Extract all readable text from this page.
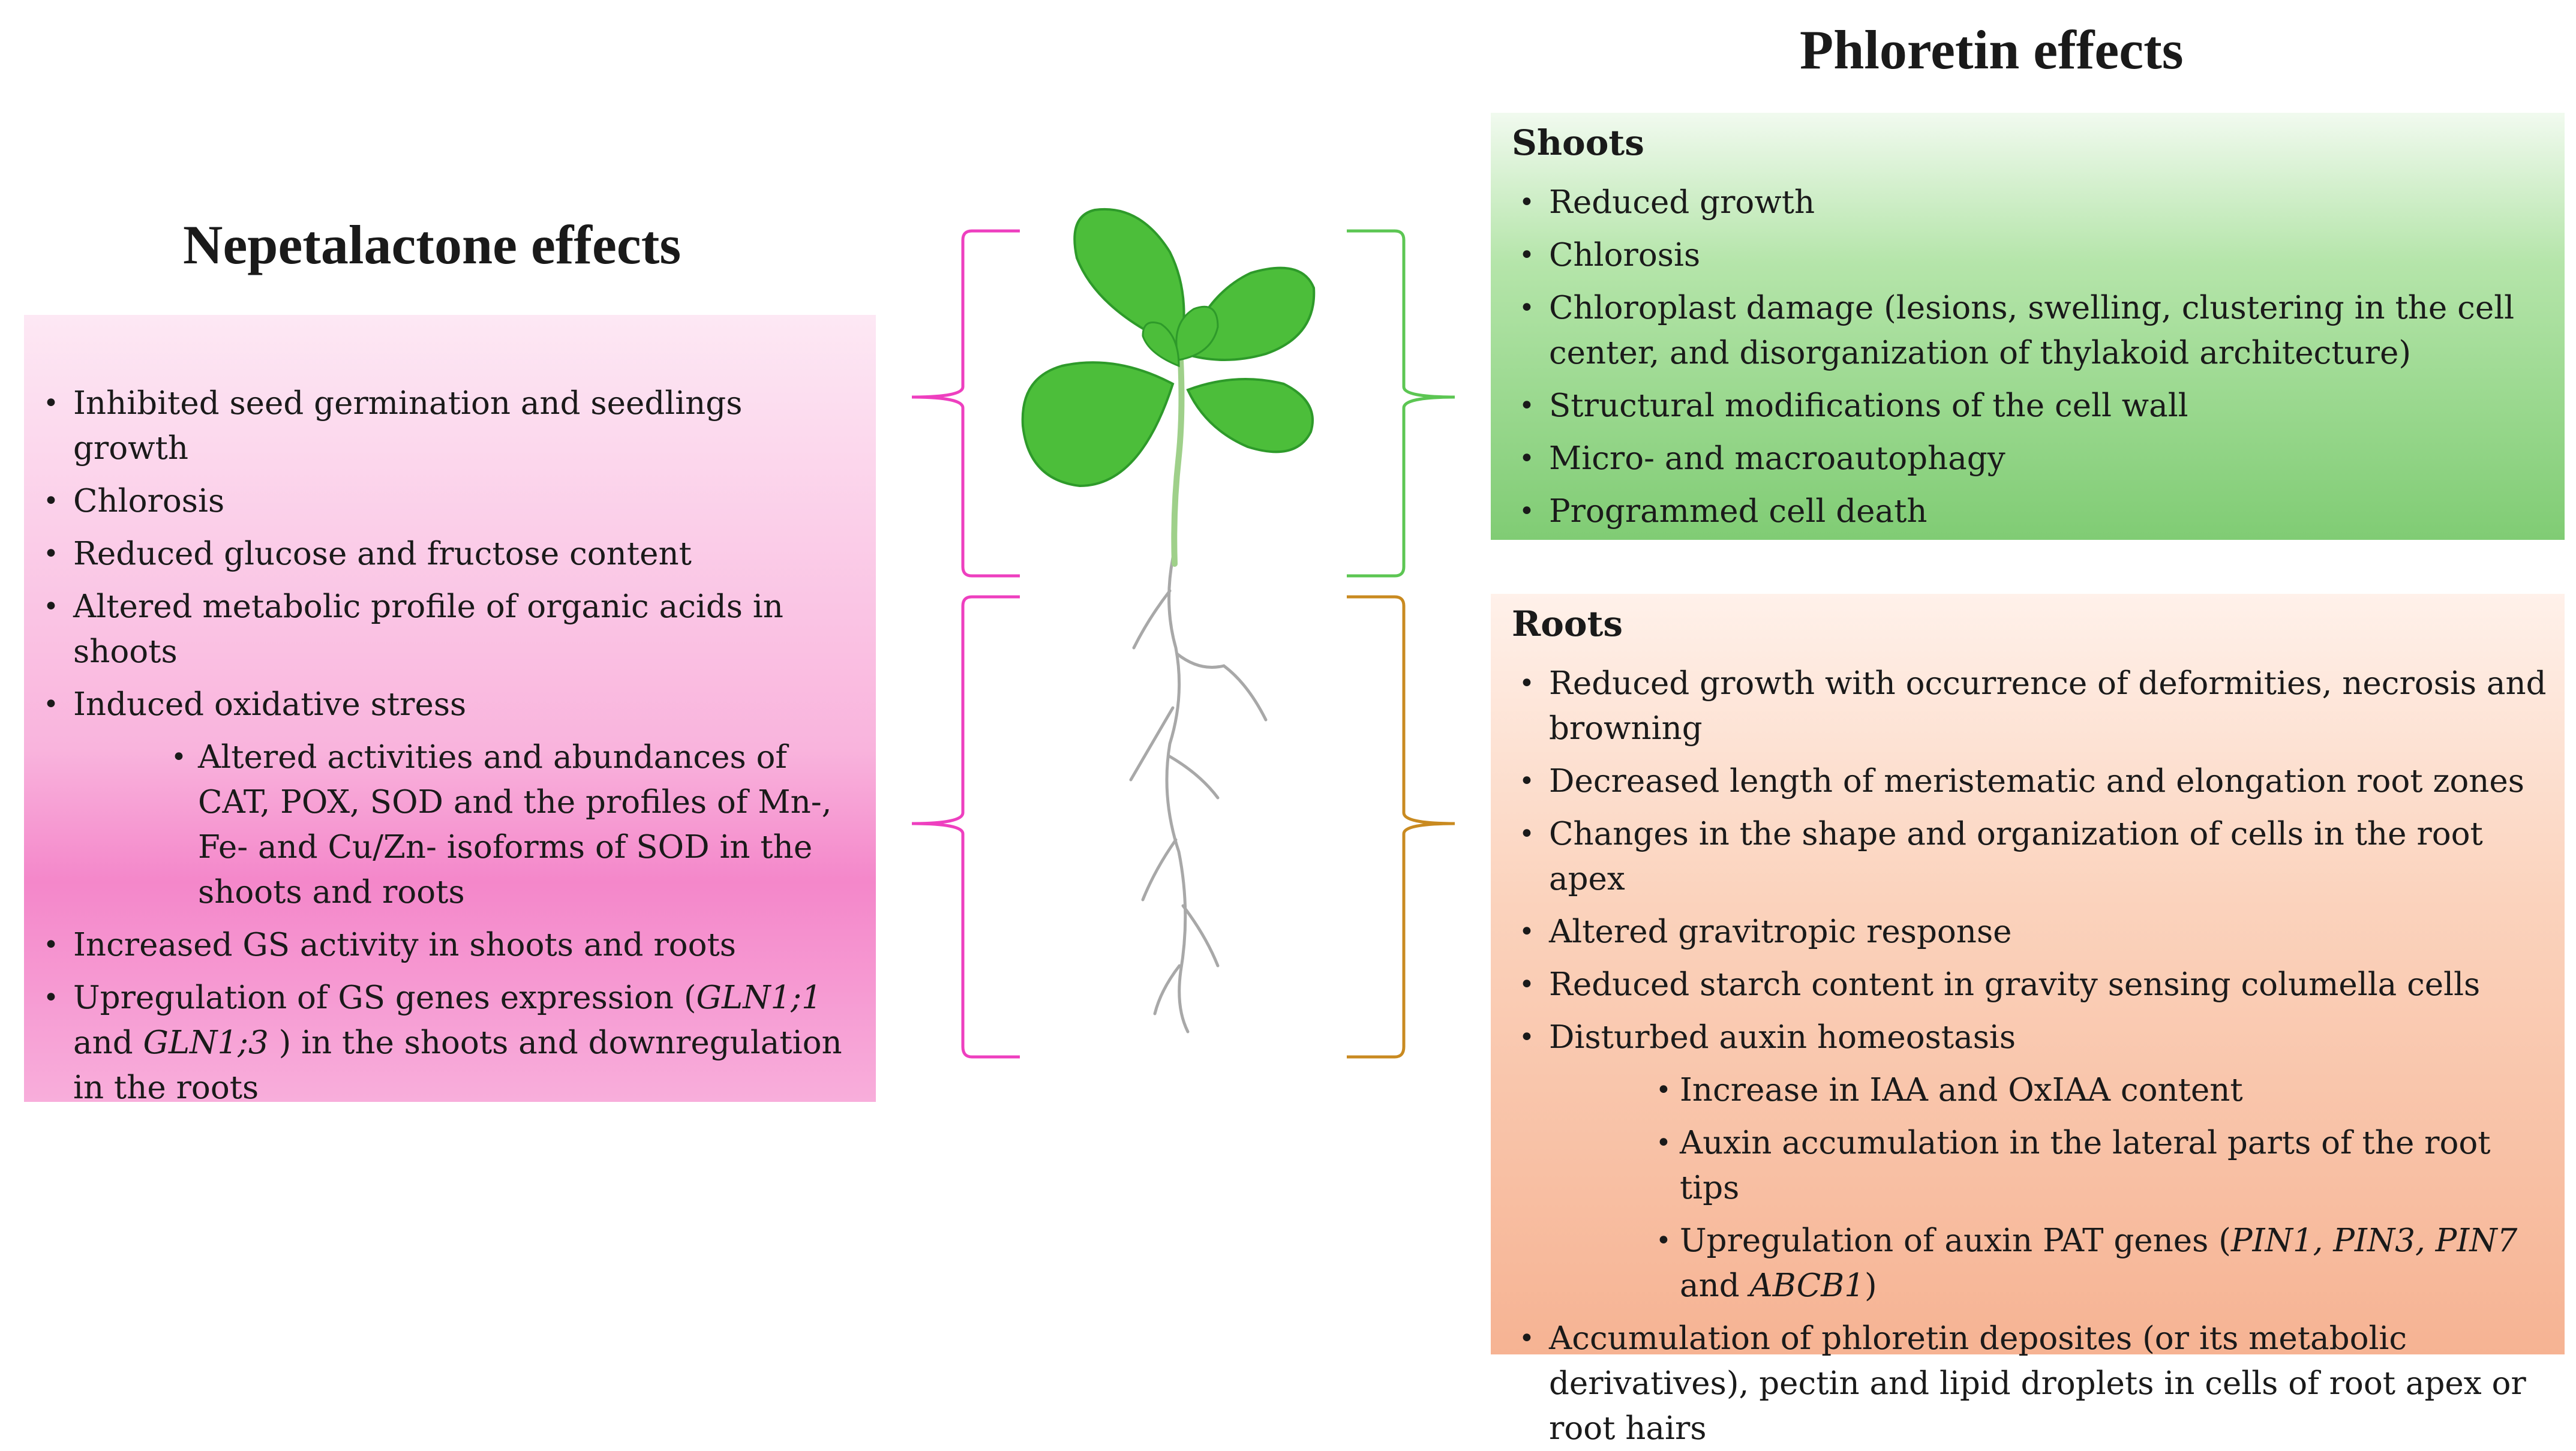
Nepetalactone effects
Phloretin effects
• Inhibited seed germination and seedlings growth
• Chlorosis
• Reduced glucose and fructose content
• Altered metabolic profile of organic acids in shoots
• Induced oxidative stress
• Altered activities and abundances of CAT, POX, SOD and the profiles of Mn-, Fe- and Cu/Zn- isoforms of SOD in the shoots and roots
• Increased GS activity in shoots and roots
• Upregulation of GS genes expression (GLN1;1 and GLN1;3 ) in the shoots and downregulation in the roots
Shoots
• Reduced growth
• Chlorosis
• Chloroplast damage (lesions, swelling, clustering in the cell center, and disorganization of thylakoid architecture)
• Structural modifications of the cell wall
• Micro- and macroautophagy
• Programmed cell death
Roots
• Reduced growth with occurrence of deformities, necrosis and browning
• Decreased length of meristematic and elongation root zones
• Changes in the shape and organization of cells in the root apex
• Altered gravitropic response
• Reduced starch content in gravity sensing columella cells
• Disturbed auxin homeostasis
• Increase in IAA and OxIAA content
• Auxin accumulation in the lateral parts of the root tips
• Upregulation of auxin PAT genes (PIN1, PIN3, PIN7 and ABCB1)
• Accumulation of phloretin deposites (or its metabolic derivatives), pectin and lipid droplets in cells of root apex or root hairs
